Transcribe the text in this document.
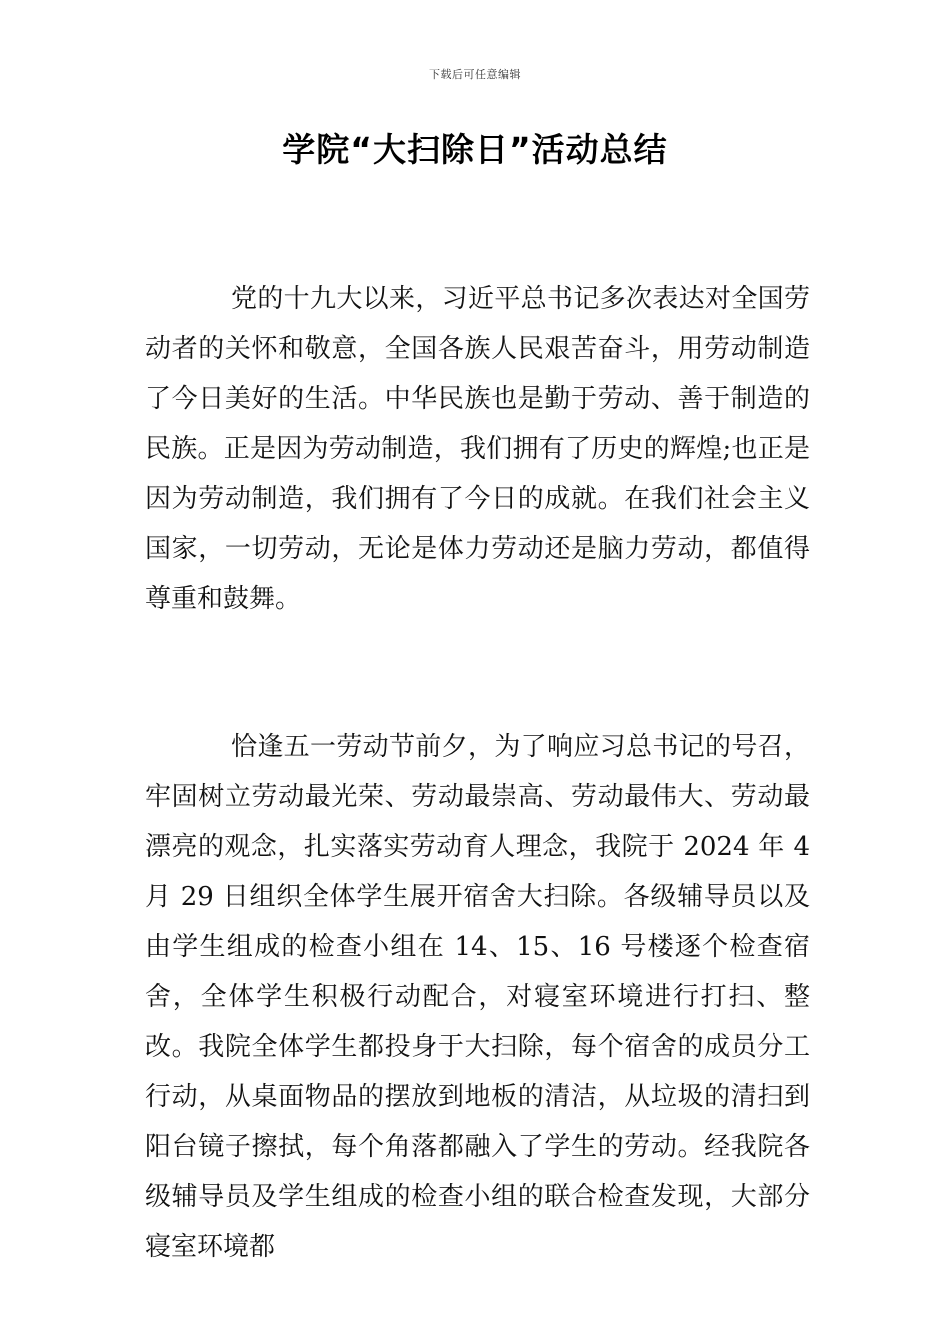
下载后可任意编辑
学院“大扫除日”活动总结

党的十九大以来，习近平总书记多次表达对全国劳动者的关怀和敬意，全国各族人民艰苦奋斗，用劳动制造了今日美好的生活。中华民族也是勤于劳动、善于制造的民族。正是因为劳动制造，我们拥有了历史的辉煌;也正是因为劳动制造，我们拥有了今日的成就。在我们社会主义国家，一切劳动，无论是体力劳动还是脑力劳动，都值得尊重和鼓舞。

恰逢五一劳动节前夕，为了响应习总书记的号召，牢固树立劳动最光荣、劳动最崇高、劳动最伟大、劳动最漂亮的观念，扎实落实劳动育人理念，我院于 2024 年 4 月 29 日组织全体学生展开宿舍大扫除。各级辅导员以及由学生组成的检查小组在 14、15、16 号楼逐个检查宿舍，全体学生积极行动配合，对寝室环境进行打扫、整改。我院全体学生都投身于大扫除，每个宿舍的成员分工行动，从桌面物品的摆放到地板的清洁，从垃圾的清扫到阳台镜子擦拭，每个角落都融入了学生的劳动。经我院各级辅导员及学生组成的检查小组的联合检查发现，大部分寝室环境都
